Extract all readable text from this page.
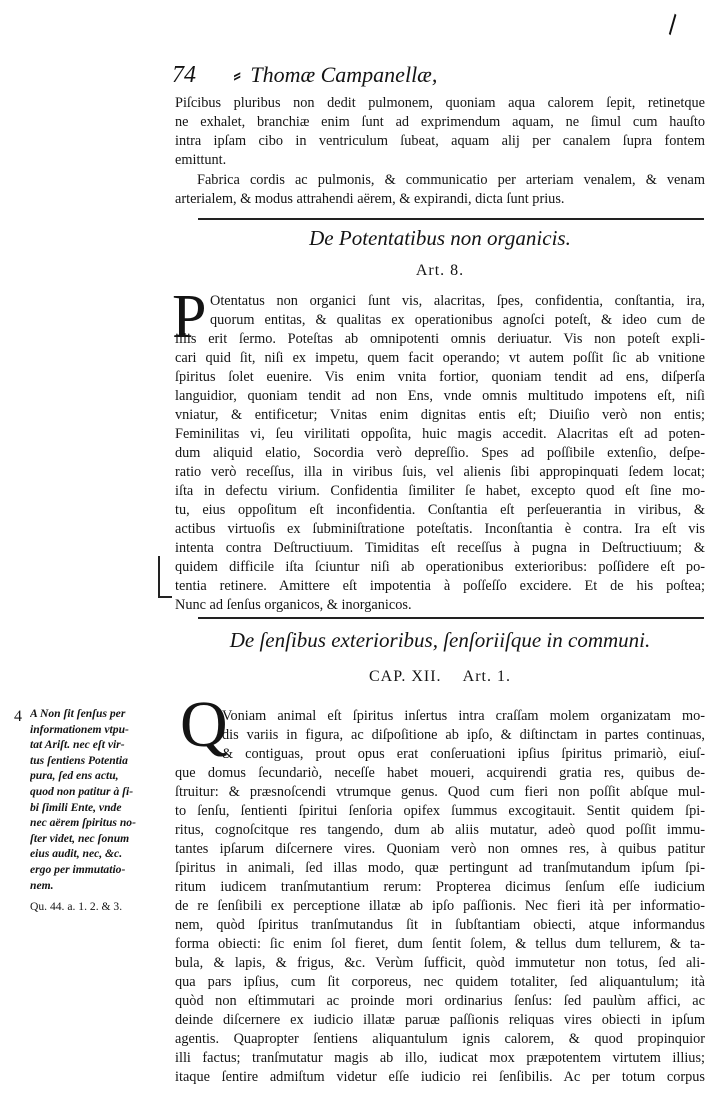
\
74 ⸗ Thomæ Campanellæ,
Piſcibus pluribus non dedit pulmonem, quoniam aqua calorem ſepit, retinetque
ne exhalet, branchiæ enim ſunt ad exprimendum aquam, ne ſimul cum hauſto
intra ipſam cibo in ventriculum ſubeat, aquam alij per canalem ſupra fontem
emittunt.
Fabrica cordis ac pulmonis, & communicatio per arteriam venalem, & venam
arterialem, & modus attrahendi aërem, & expirandi, dicta ſunt prius.
De Potentatibus non organicis.
Art. 8.
P Otentatus non organici ſunt vis, alacritas, ſpes, confidentia, conſtantia, ira,
quorum entitas, & qualitas ex operationibus agnoſci poteſt, & ideo cum de
illis erit ſermo. Poteſtas ab omnipotenti omnis deriuatur. Vis non poteſt expli-
cari quid ſit, niſi ex impetu, quem facit operando; vt autem poſſit ſic ab vnitione
ſpiritus ſolet euenire. Vis enim vnita fortior, quoniam tendit ad ens, diſperſa
languidior, quoniam tendit ad non Ens, vnde omnis multitudo impotens eſt, niſi
vniatur, & entificetur; Vnitas enim dignitas entis eſt; Diuiſio verò non entis;
Feminilitas vi, ſeu virilitati oppoſita, huic magis accedit. Alacritas eſt ad poten-
dum aliquid elatio, Socordia verò depreſſio. Spes ad poſſibile extenſio, deſpe-
ratio verò receſſus, illa in viribus ſuis, vel alienis ſibi appropinquati ſedem locat;
iſta in defectu virium. Confidentia ſimiliter ſe habet, excepto quod eſt ſine mo-
tu, eius oppoſitum eſt inconfidentia. Conſtantia eſt perſeuerantia in viribus, &
actibus virtuoſis ex ſubminiſtratione poteſtatis. Inconſtantia è contra. Ira eſt vis
intenta contra Deſtructiuum. Timiditas eſt receſſus à pugna in Deſtructiuum; &
quidem difficile iſta ſciuntur niſi ab operationibus exterioribus: poſſidere eſt po-
tentia retinere. Amittere eſt impotentia à poſſeſſo excidere. Et de his poſtea;
Nunc ad ſenſus organicos, & inorganicos.
De ſenſibus exterioribus, ſenſoriiſque in communi.
CAP. XII. Art. 1.
Q
Voniam animal eſt ſpiritus inſertus intra craſſam molem organizatam mo-
dis variis in figura, ac diſpoſitione ab ipſo, & diſtinctam in partes continuas,
& contiguas, prout opus erat conſeruationi ipſius ſpiritus primariò, eiuſ-
que domus ſecundariò, neceſſe habet moueri, acquirendi gratia res, quibus de-
ſtruitur: & præsnoſcendi vtrumque genus. Quod cum fieri non poſſit abſque mul-
to ſenſu, ſentienti ſpiritui ſenſoria opifex ſummus excogitauit. Sentit quidem ſpi-
ritus, cognoſcitque res tangendo, dum ab aliis mutatur, adeò quod poſſit immu-
tantes ipſarum diſcernere vires. Quoniam verò non omnes res, à quibus patitur
ſpiritus in animali, ſed illas modo, quæ pertingunt ad tranſmutandum ipſum ſpi-
ritum iudicem tranſmutantium rerum: Propterea dicimus ſenſum eſſe iudicium
de re ſenſibili ex perceptione illatæ ab ipſo paſſionis. Nec fieri ità per informatio-
nem, quòd ſpiritus tranſmutandus ſit in ſubſtantiam obiecti, atque informandus
forma obiecti: ſic enim ſol fieret, dum ſentit ſolem, & tellus dum tellurem, & ta-
bula, & lapis, & frigus, &c. Verùm ſufficit, quòd immutetur non totus, ſed ali-
qua pars ipſius, cum ſit corporeus, nec quidem totaliter, ſed aliquantulum; ità
quòd non eſtimmutari ac proinde mori ordinarius ſenſus: ſed paulùm affici, ac
deinde diſcernere ex iudicio illatæ paruæ paſſionis reliquas vires obiecti in ipſum
agentis. Quapropter ſentiens aliquantulum ignis calorem, & quod propinquior
illi factus; tranſmutatur magis ab illo, iudicat mox præpotentem virtutem illius;
itaque ſentire admiſtum videtur eſſe iudicio rei ſenſibilis. Ac per totum corpus
4 A Non ſit ſenſus per
informationem vtpu-
tat Ariſt. nec eſt vir-
tus ſentiens Potentia
pura, ſed ens actu,
quod non patitur à ſi-
bi ſimili Ente, vnde
nec aërem ſpiritus no-
ſter videt, nec ſonum
eius audit, nec, &c.
ergo per immutatio-
nem.
Qu. 44. a. 1. 2. & 3.
